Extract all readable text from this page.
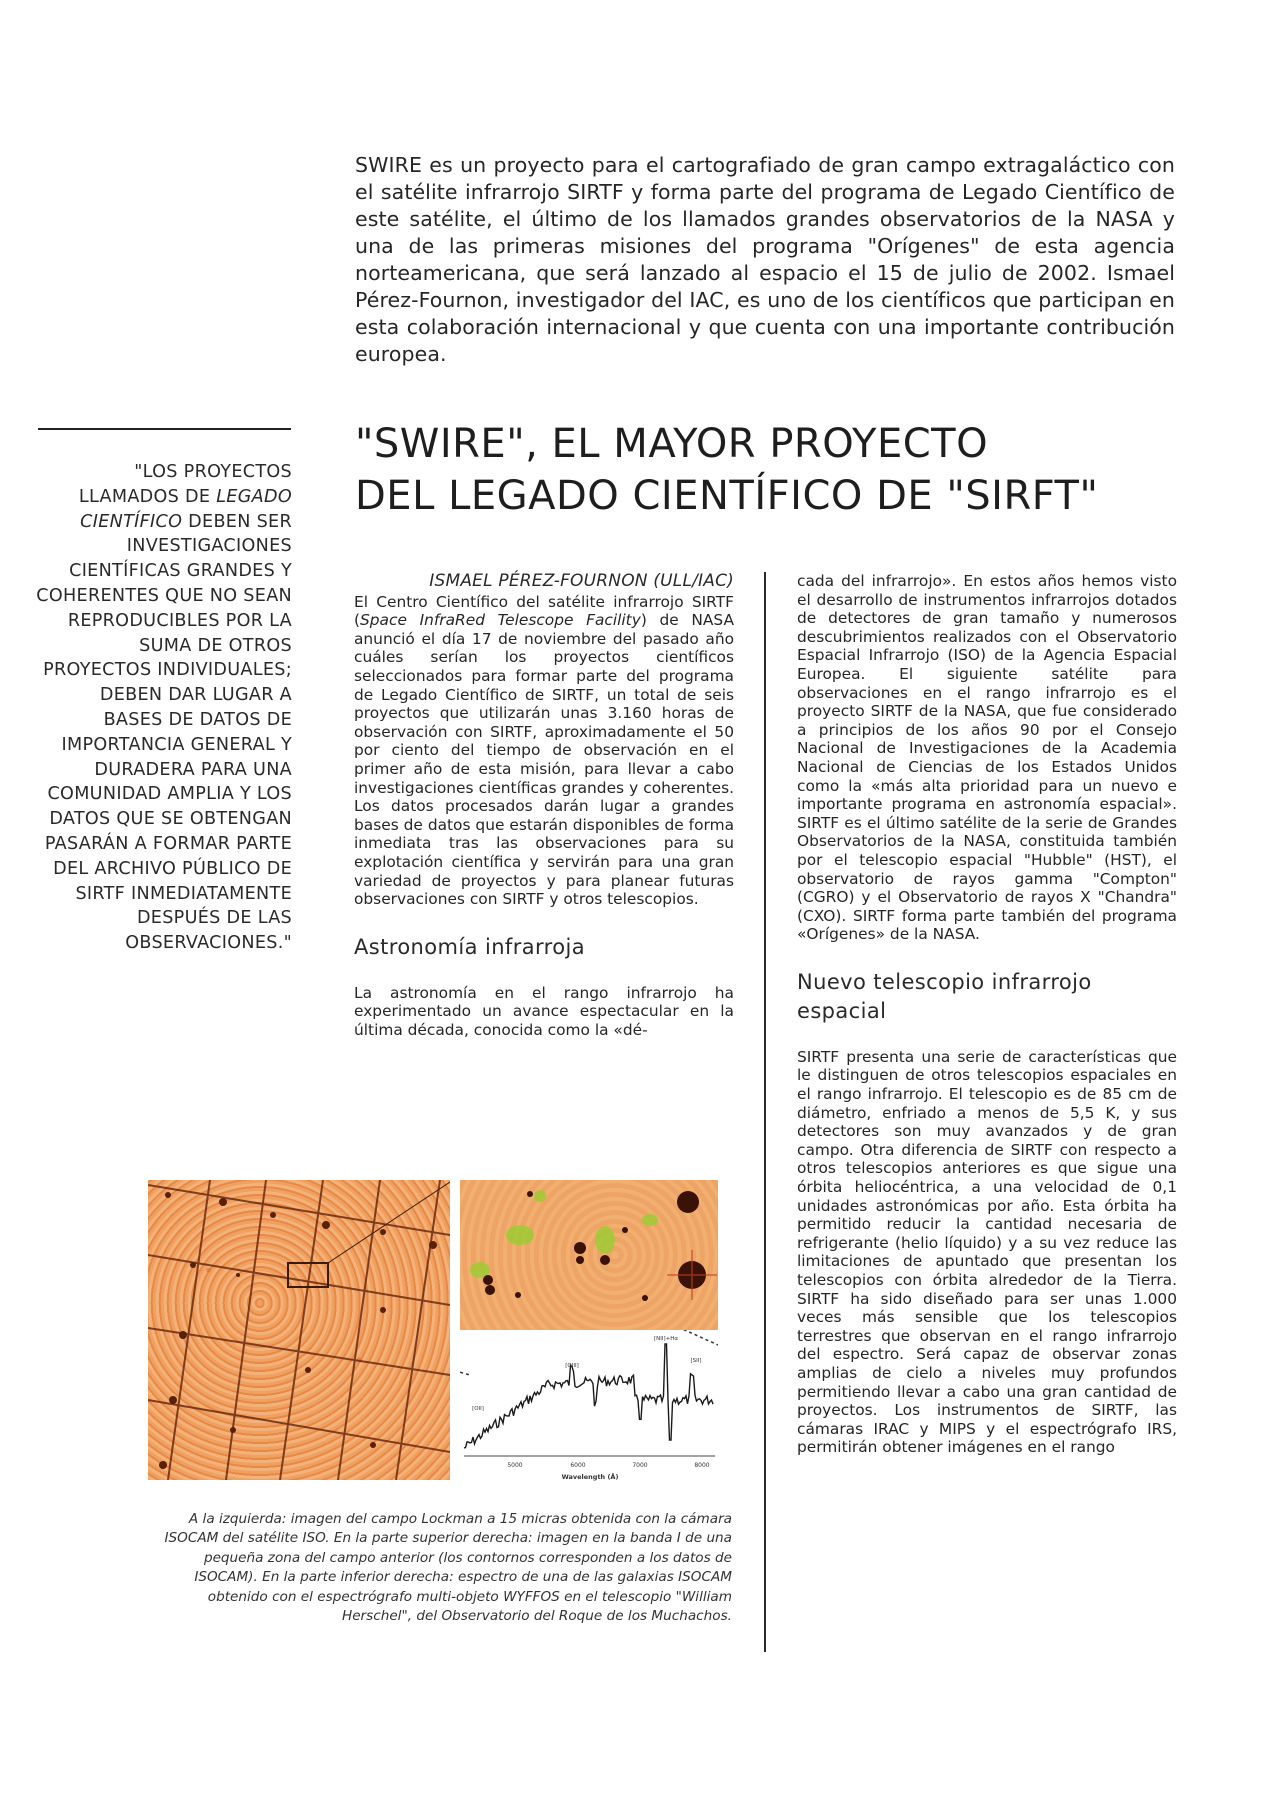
SWIRE es un proyecto para el cartografiado de gran campo extragaláctico con el satélite infrarrojo SIRTF y forma parte del programa de Legado Científico de este satélite, el último de los llamados grandes observatorios de la NASA y una de las primeras misiones del programa "Orígenes" de esta agencia norteamericana, que será lanzado al espacio el 15 de julio de 2002. Ismael Pérez-Fournon, investigador del IAC, es uno de los científicos que participan en esta colaboración internacional y que cuenta con una importante contribución europea.
"LOS PROYECTOS LLAMADOS DE LEGADO CIENTÍFICO DEBEN SER INVESTIGACIONES CIENTÍFICAS GRANDES Y COHERENTES QUE NO SEAN REPRODUCIBLES POR LA SUMA DE OTROS PROYECTOS INDIVIDUALES; DEBEN DAR LUGAR A BASES DE DATOS DE IMPORTANCIA GENERAL Y DURADERA PARA UNA COMUNIDAD AMPLIA Y LOS DATOS QUE SE OBTENGAN PASARÁN A FORMAR PARTE DEL ARCHIVO PÚBLICO DE SIRTF INMEDIATAMENTE DESPUÉS DE LAS OBSERVACIONES."
"SWIRE", EL MAYOR PROYECTO
DEL LEGADO CIENTÍFICO DE "SIRFT"
ISMAEL PÉREZ-FOURNON (ULL/IAC)

El Centro Científico del satélite infrarrojo SIRTF (Space InfraRed Telescope Facility) de NASA anunció el día 17 de noviembre del pasado año cuáles serían los proyectos científicos seleccionados para formar parte del programa de Legado Científico de SIRTF, un total de seis proyectos que utilizarán unas 3.160 horas de observación con SIRTF, aproximadamente el 50 por ciento del tiempo de observación en el primer año de esta misión, para llevar a cabo investigaciones científicas grandes y coherentes. Los datos procesados darán lugar a grandes bases de datos que estarán disponibles de forma inmediata tras las observaciones para su explotación científica y servirán para una gran variedad de proyectos y para planear futuras observaciones con SIRTF y otros telescopios.

Astronomía infrarroja

La astronomía en el rango infrarrojo ha experimentado un avance espectacular en la última década, conocida como la «dé-

cada del infrarrojo». En estos años hemos visto el desarrollo de instrumentos infrarrojos dotados de detectores de gran tamaño y numerosos descubrimientos realizados con el Observatorio Espacial Infrarrojo (ISO) de la Agencia Espacial Europea. El siguiente satélite para observaciones en el rango infrarrojo es el proyecto SIRTF de la NASA, que fue considerado a principios de los años 90 por el Consejo Nacional de Investigaciones de la Academia Nacional de Ciencias de los Estados Unidos como la «más alta prioridad para un nuevo e importante programa en astronomía espacial». SIRTF es el último satélite de la serie de Grandes Observatorios de la NASA, constituida también por el telescopio espacial "Hubble" (HST), el observatorio de rayos gamma "Compton" (CGRO) y el Observatorio de rayos X "Chandra" (CXO). SIRTF forma parte también del programa «Orígenes» de la NASA.

Nuevo telescopio infrarrojo espacial

SIRTF presenta una serie de características que le distinguen de otros telescopios espaciales en el rango infrarrojo. El telescopio es de 85 cm de diámetro, enfriado a menos de 5,5 K, y sus detectores son muy avanzados y de gran campo. Otra diferencia de SIRTF con respecto a otros telescopios anteriores es que sigue una órbita heliocéntrica, a una velocidad de 0,1 unidades astronómicas por año. Esta órbita ha permitido reducir la cantidad necesaria de refrigerante (helio líquido) y a su vez reduce las limitaciones de apuntado que presentan los telescopios con órbita alrededor de la Tierra. SIRTF ha sido diseñado para ser unas 1.000 veces más sensible que los telescopios terrestres que observan en el rango infrarrojo del espectro. Será capaz de observar zonas amplias de cielo a niveles muy profundos permitiendo llevar a cabo una gran cantidad de proyectos. Los instrumentos de SIRTF, las cámaras IRAC y MIPS y el espectrógrafo IRS, permitirán obtener imágenes en el rango

5000	6000	7000	8000
Wavelength (Å)
[OII]
[OIII]
[NII]+Hα
[SII]
A la izquierda: imagen del campo Lockman a 15 micras obtenida con la cámara ISOCAM del satélite ISO. En la parte superior derecha: imagen en la banda I de una pequeña zona del campo anterior (los contornos corresponden a los datos de ISOCAM). En la parte inferior derecha: espectro de una de las galaxias ISOCAM obtenido con el espectrógrafo multi-objeto WYFFOS en el telescopio "William Herschel", del Observatorio del Roque de los Muchachos.
